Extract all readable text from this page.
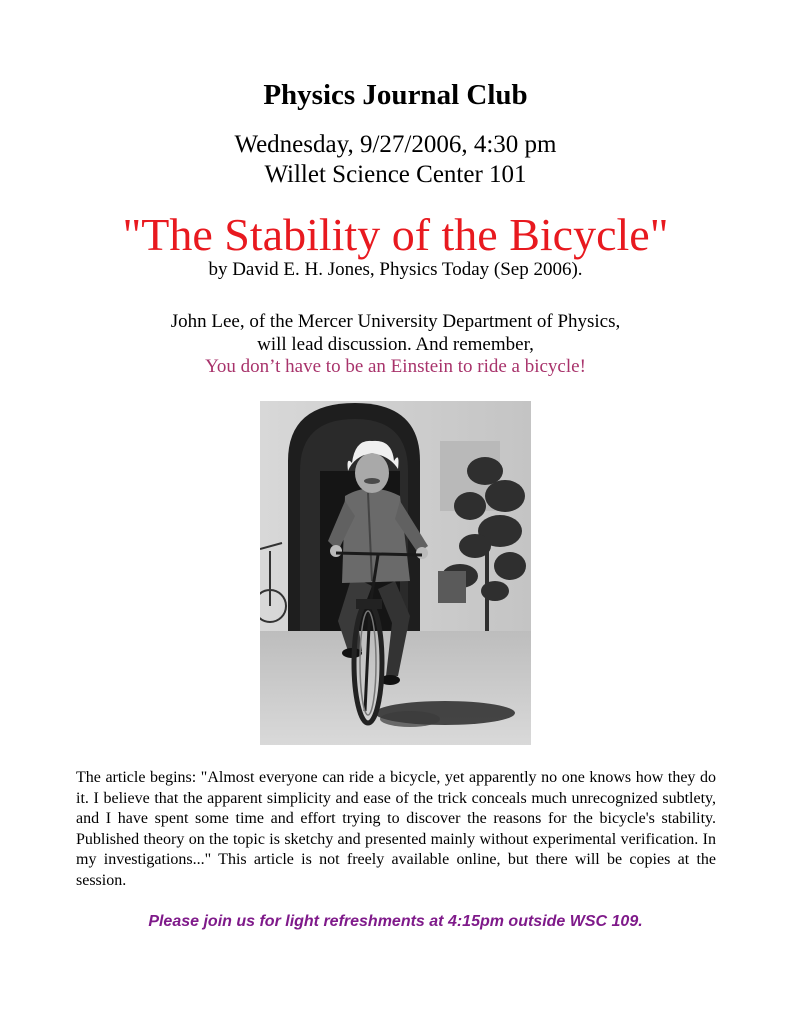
Physics Journal Club
Wednesday, 9/27/2006, 4:30 pm
Willet Science Center 101
"The Stability of the Bicycle"
by David E. H. Jones, Physics Today (Sep 2006).
John Lee, of the Mercer University Department of Physics,
will lead discussion. And remember,
You don’t have to be an Einstein to ride a bicycle!
The article begins: "Almost everyone can ride a bicycle, yet apparently no one knows how they do it. I believe that the apparent simplicity and ease of the trick conceals much unrecognized subtlety, and I have spent some time and effort trying to discover the reasons for the bicycle's stability. Published theory on the topic is sketchy and presented mainly without experimental verification. In my investigations..." This article is not freely available online, but there will be copies at the session.
Please join us for light refreshments at 4:15pm outside WSC 109.
